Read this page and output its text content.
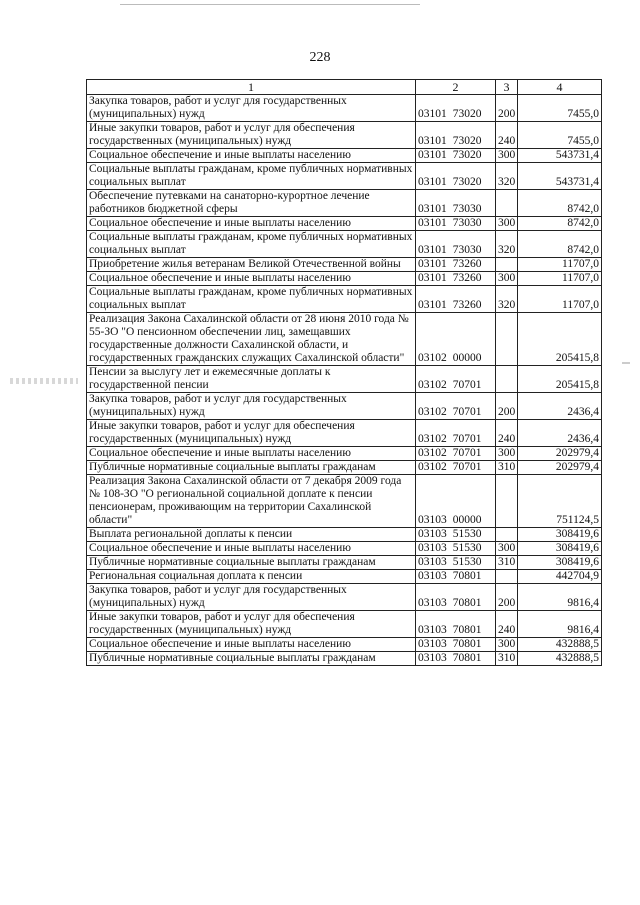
228
1	2	3	4
Закупка товаров, работ и услуг для государственных (муниципальных) нужд	03101 73020	200	7455,0
Иные закупки товаров, работ и услуг для обеспечения государственных (муниципальных) нужд	03101 73020	240	7455,0
Социальное обеспечение и иные выплаты населению	03101 73020	300	543731,4
Социальные выплаты гражданам, кроме публичных нормативных социальных выплат	03101 73020	320	543731,4
Обеспечение путевками на санаторно-курортное лечение работников бюджетной сферы	03101 73030		8742,0
Социальное обеспечение и иные выплаты населению	03101 73030	300	8742,0
Социальные выплаты гражданам, кроме публичных нормативных социальных выплат	03101 73030	320	8742,0
Приобретение жилья ветеранам Великой Отечественной войны	03101 73260		11707,0
Социальное обеспечение и иные выплаты населению	03101 73260	300	11707,0
Социальные выплаты гражданам, кроме публичных нормативных социальных выплат	03101 73260	320	11707,0
Реализация Закона Сахалинской области от 28 июня 2010 года № 55-ЗО "О пенсионном обеспечении лиц, замещавших государственные должности Сахалинской области, и государственных гражданских служащих Сахалинской области"	03102 00000		205415,8
Пенсии за выслугу лет и ежемесячные доплаты к государственной пенсии	03102 70701		205415,8
Закупка товаров, работ и услуг для государственных (муниципальных) нужд	03102 70701	200	2436,4
Иные закупки товаров, работ и услуг для обеспечения государственных (муниципальных) нужд	03102 70701	240	2436,4
Социальное обеспечение и иные выплаты населению	03102 70701	300	202979,4
Публичные нормативные социальные выплаты гражданам	03102 70701	310	202979,4
Реализация Закона Сахалинской области от 7 декабря 2009 года № 108-ЗО "О региональной социальной доплате к пенсии пенсионерам, проживающим на территории Сахалинской области"	03103 00000		751124,5
Выплата региональной доплаты к пенсии	03103 51530		308419,6
Социальное обеспечение и иные выплаты населению	03103 51530	300	308419,6
Публичные нормативные социальные выплаты гражданам	03103 51530	310	308419,6
Региональная социальная доплата к пенсии	03103 70801		442704,9
Закупка товаров, работ и услуг для государственных (муниципальных) нужд	03103 70801	200	9816,4
Иные закупки товаров, работ и услуг для обеспечения государственных (муниципальных) нужд	03103 70801	240	9816,4
Социальное обеспечение и иные выплаты населению	03103 70801	300	432888,5
Публичные нормативные социальные выплаты гражданам	03103 70801	310	432888,5
